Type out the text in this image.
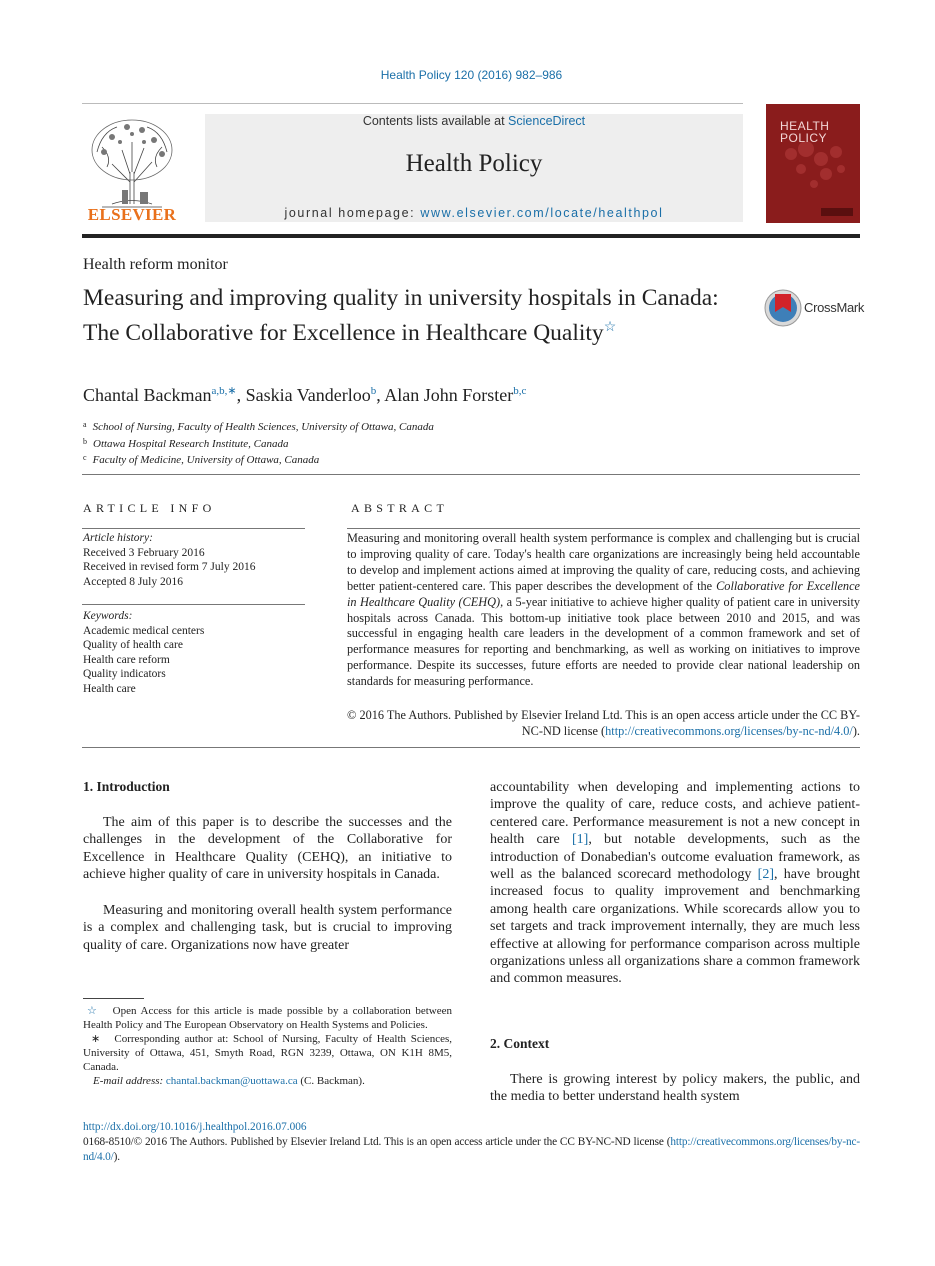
Health Policy 120 (2016) 982–986
ELSEVIER
Contents lists available at ScienceDirect
Health Policy
journal homepage: www.elsevier.com/locate/healthpol
HEALTH POLICY
Health reform monitor
Measuring and improving quality in university hospitals in Canada: The Collaborative for Excellence in Healthcare Quality☆
CrossMark
Chantal Backman$^{a,b,∗}$, Saskia Vanderloo$^b$, Alan John Forster$^{b,c}$
$^a$ School of Nursing, Faculty of Health Sciences, University of Ottawa, Canada
$^b$ Ottawa Hospital Research Institute, Canada
$^c$ Faculty of Medicine, University of Ottawa, Canada
ARTICLE INFO
Article history:
Received 3 February 2016
Received in revised form 7 July 2016
Accepted 8 July 2016
Keywords:
Academic medical centers
Quality of health care
Health care reform
Quality indicators
Health care
ABSTRACT
Measuring and monitoring overall health system performance is complex and challenging but is crucial to improving quality of care. Today's health care organizations are increasingly being held accountable to develop and implement actions aimed at improving the quality of care, reducing costs, and achieving better patient-centered care. This paper describes the development of the Collaborative for Excellence in Healthcare Quality (CEHQ), a 5-year initiative to achieve higher quality of patient care in university hospitals across Canada. This bottom-up initiative took place between 2010 and 2015, and was successful in engaging health care leaders in the development of a common framework and set of performance measures for reporting and benchmarking, as well as working on initiatives to improve performance. Despite its successes, future efforts are needed to provide clear national leadership on standards for measuring performance.
© 2016 The Authors. Published by Elsevier Ireland Ltd. This is an open access article under the CC BY-NC-ND license (http://creativecommons.org/licenses/by-nc-nd/4.0/).
1. Introduction
The aim of this paper is to describe the successes and the challenges in the development of the Collaborative for Excellence in Healthcare Quality (CEHQ), an initiative to achieve higher quality of care in university hospitals in Canada.
Measuring and monitoring overall health system performance is a complex and challenging task, but is crucial to improving quality of care. Organizations now have greater
☆ Open Access for this article is made possible by a collaboration between Health Policy and The European Observatory on Health Systems and Policies.
∗ Corresponding author at: School of Nursing, Faculty of Health Sciences, University of Ottawa, 451, Smyth Road, RGN 3239, Ottawa, ON K1H 8M5, Canada.
E-mail address: chantal.backman@uottawa.ca (C. Backman).
accountability when developing and implementing actions to improve the quality of care, reduce costs, and achieve patient-centered care. Performance measurement is not a new concept in health care [1], but notable developments, such as the introduction of Donabedian's outcome evaluation framework, as well as the balanced scorecard methodology [2], have brought increased focus to quality improvement and benchmarking among health care organizations. While scorecards allow you to set targets and track improvement internally, they are much less effective at allowing for performance comparison across multiple organizations unless all organizations share a common framework and common measures.
2. Context
There is growing interest by policy makers, the public, and the media to better understand health system
http://dx.doi.org/10.1016/j.healthpol.2016.07.006
0168-8510/© 2016 The Authors. Published by Elsevier Ireland Ltd. This is an open access article under the CC BY-NC-ND license (http://creativecommons.org/licenses/by-nc-nd/4.0/).
